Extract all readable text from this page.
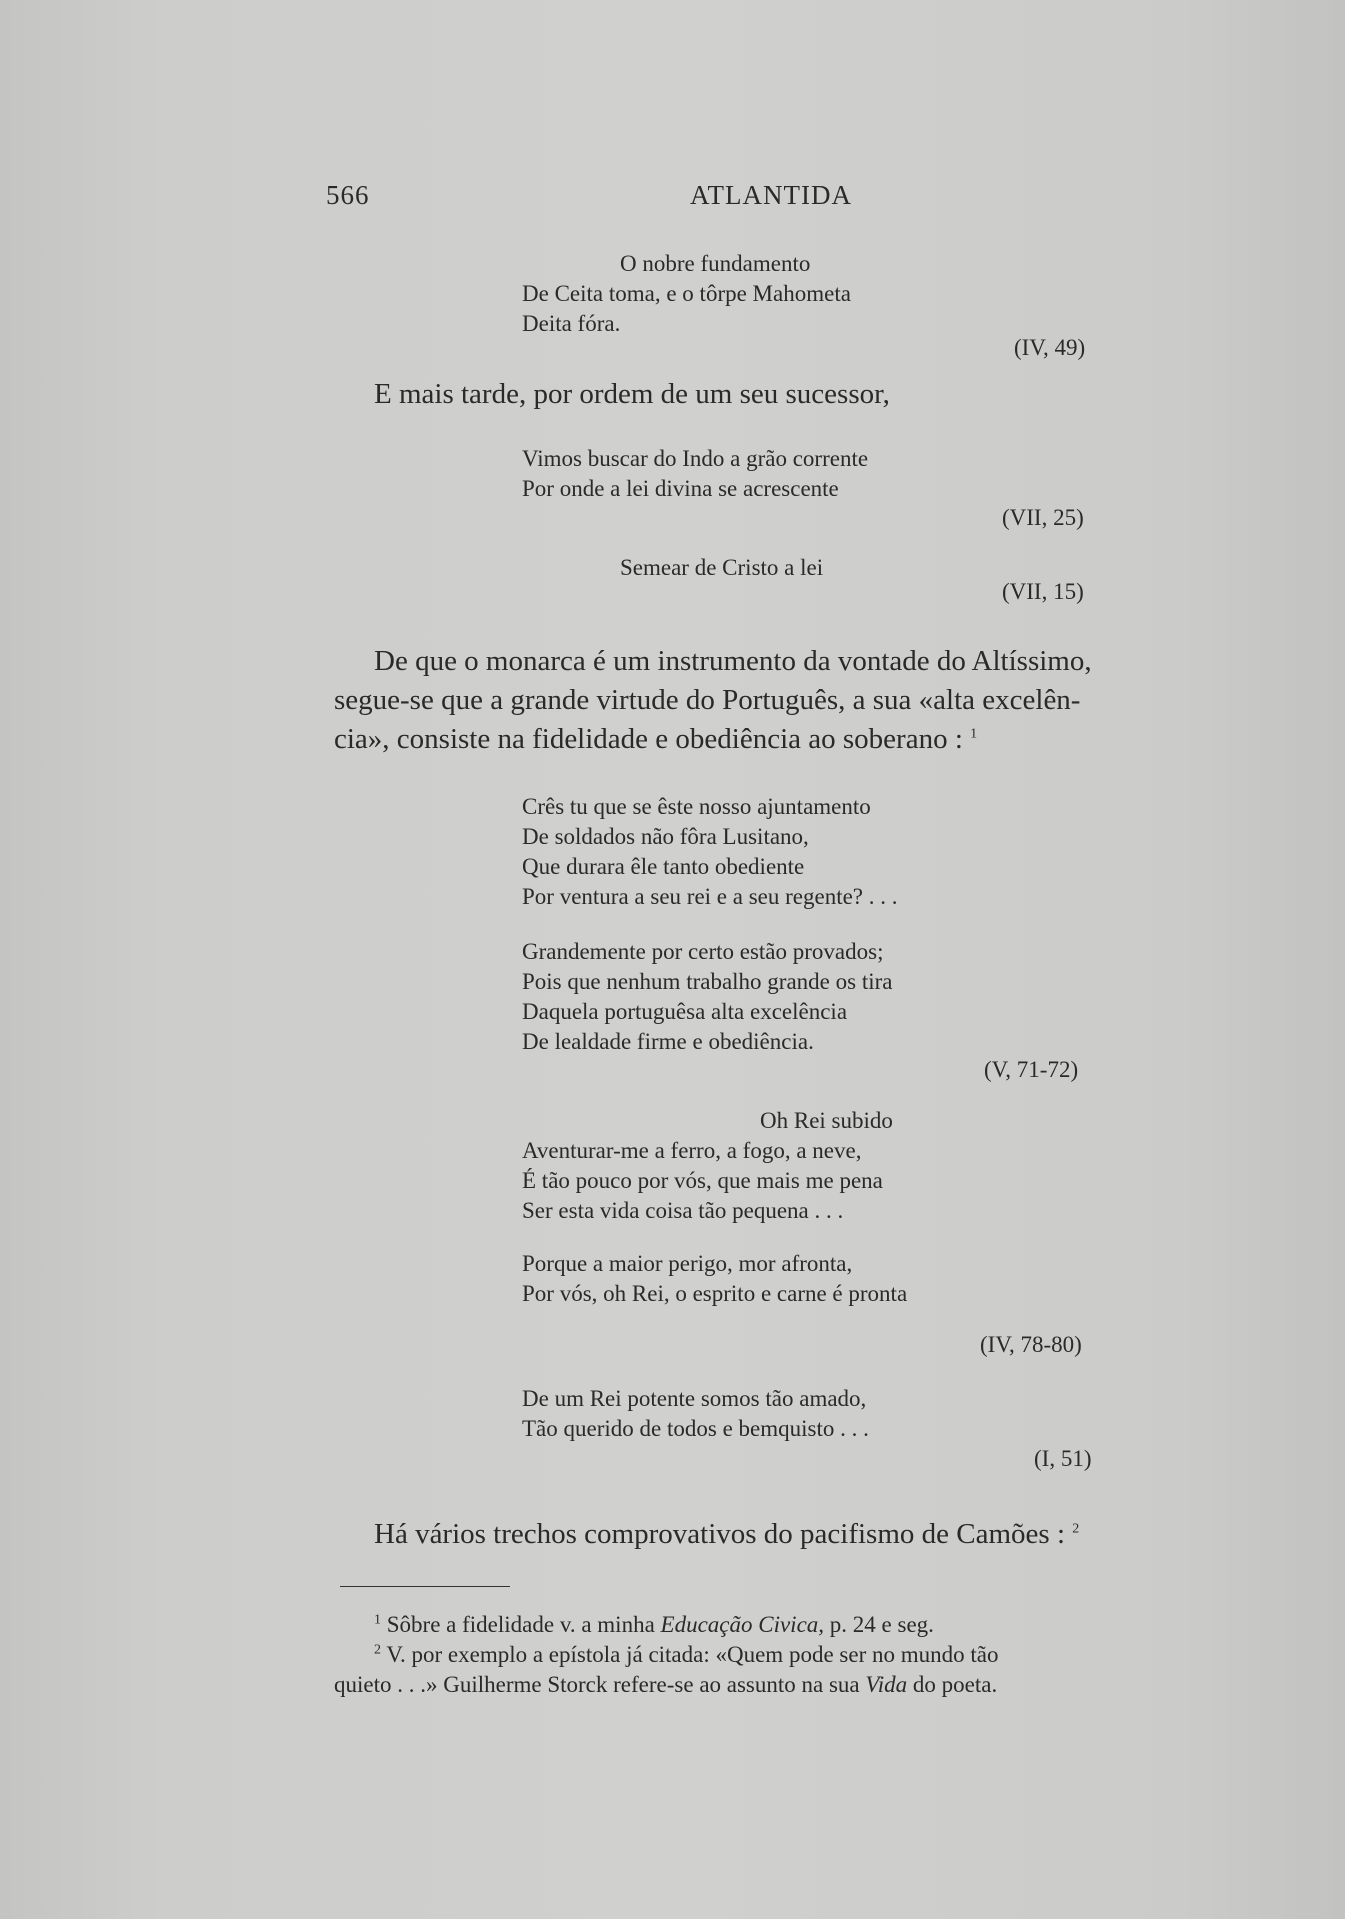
566	ATLANTIDA
O nobre fundamento
De Ceita toma, e o tôrpe Mahometa
Deita fóra.
(IV, 49)
E mais tarde, por ordem de um seu sucessor,
Vimos buscar do Indo a grão corrente
Por onde a lei divina se acrescente
(VII, 25)
Semear de Cristo a lei
(VII, 15)
De que o monarca é um instrumento da vontade do Altíssimo,
segue-se que a grande virtude do Português, a sua «alta excelên-
cia», consiste na fidelidade e obediência ao soberano : $^1$
Crês tu que se êste nosso ajuntamento
De soldados não fôra Lusitano,
Que durara êle tanto obediente
Por ventura a seu rei e a seu regente? . . .
Grandemente por certo estão provados;
Pois que nenhum trabalho grande os tira
Daquela portuguêsa alta excelência
De lealdade firme e obediência.
(V, 71-72)
Oh Rei subido
Aventurar-me a ferro, a fogo, a neve,
É tão pouco por vós, que mais me pena
Ser esta vida coisa tão pequena . . .
Porque a maior perigo, mor afronta,
Por vós, oh Rei, o esprito e carne é pronta
(IV, 78-80)
De um Rei potente somos tão amado,
Tão querido de todos e bemquisto . . .
(I, 51)
Há vários trechos comprovativos do pacifismo de Camões : $^2$
$^1$ Sôbre a fidelidade v. a minha Educação Civica, p. 24 e seg.
$^2$ V. por exemplo a epístola já citada: «Quem pode ser no mundo tão
quieto . . .» Guilherme Storck refere-se ao assunto na sua Vida do poeta.
